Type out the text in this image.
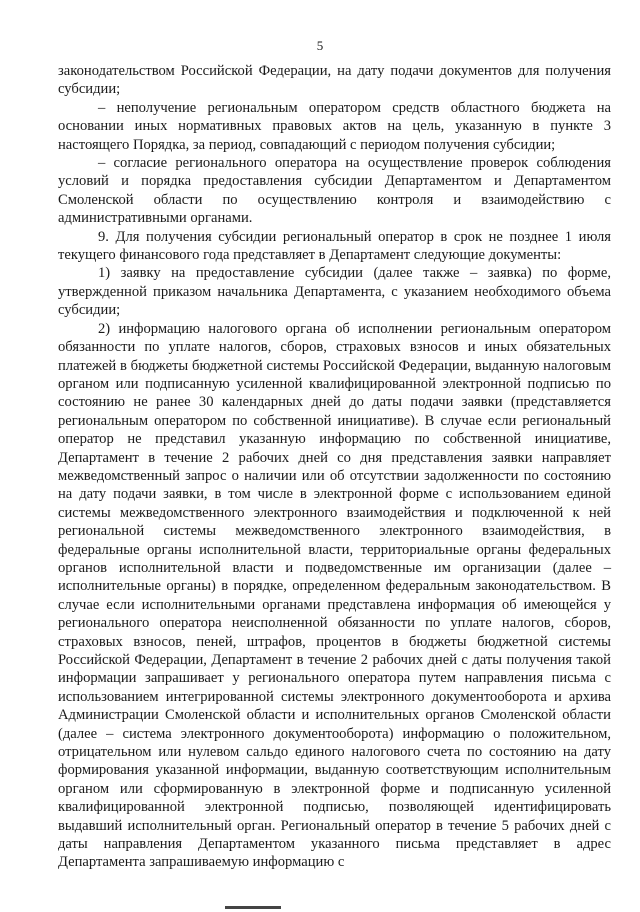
5

законодательством Российской Федерации, на дату подачи документов для получения субсидии;

– неполучение региональным оператором средств областного бюджета на основании иных нормативных правовых актов на цель, указанную в пункте 3 настоящего Порядка, за период, совпадающий с периодом получения субсидии;

– согласие регионального оператора на осуществление проверок соблюдения условий и порядка предоставления субсидии Департаментом и Департаментом Смоленской области по осуществлению контроля и взаимодействию с административными органами.

9. Для получения субсидии региональный оператор в срок не позднее 1 июля текущего финансового года представляет в Департамент следующие документы:

1) заявку на предоставление субсидии (далее также – заявка) по форме, утвержденной приказом начальника Департамента, с указанием необходимого объема субсидии;

2) информацию налогового органа об исполнении региональным оператором обязанности по уплате налогов, сборов, страховых взносов и иных обязательных платежей в бюджеты бюджетной системы Российской Федерации, выданную налоговым органом или подписанную усиленной квалифицированной электронной подписью по состоянию не ранее 30 календарных дней до даты подачи заявки (представляется региональным оператором по собственной инициативе). В случае если региональный оператор не представил указанную информацию по собственной инициативе, Департамент в течение 2 рабочих дней со дня представления заявки направляет межведомственный запрос о наличии или об отсутствии задолженности по состоянию на дату подачи заявки, в том числе в электронной форме с использованием единой системы межведомственного электронного взаимодействия и подключенной к ней региональной системы межведомственного электронного взаимодействия, в федеральные органы исполнительной власти, территориальные органы федеральных органов исполнительной власти и подведомственные им организации (далее – исполнительные органы) в порядке, определенном федеральным законодательством. В случае если исполнительными органами представлена информация об имеющейся у регионального оператора неисполненной обязанности по уплате налогов, сборов, страховых взносов, пеней, штрафов, процентов в бюджеты бюджетной системы Российской Федерации, Департамент в течение 2 рабочих дней с даты получения такой информации запрашивает у регионального оператора путем направления письма с использованием интегрированной системы электронного документооборота и архива Администрации Смоленской области и исполнительных органов Смоленской области (далее – система электронного документооборота) информацию о положительном, отрицательном или нулевом сальдо единого налогового счета по состоянию на дату формирования указанной информации, выданную соответствующим исполнительным органом или сформированную в электронной форме и подписанную усиленной квалифицированной электронной подписью, позволяющей идентифицировать выдавший исполнительный орган. Региональный оператор в течение 5 рабочих дней с даты направления Департаментом указанного письма представляет в адрес Департамента запрашиваемую информацию с
